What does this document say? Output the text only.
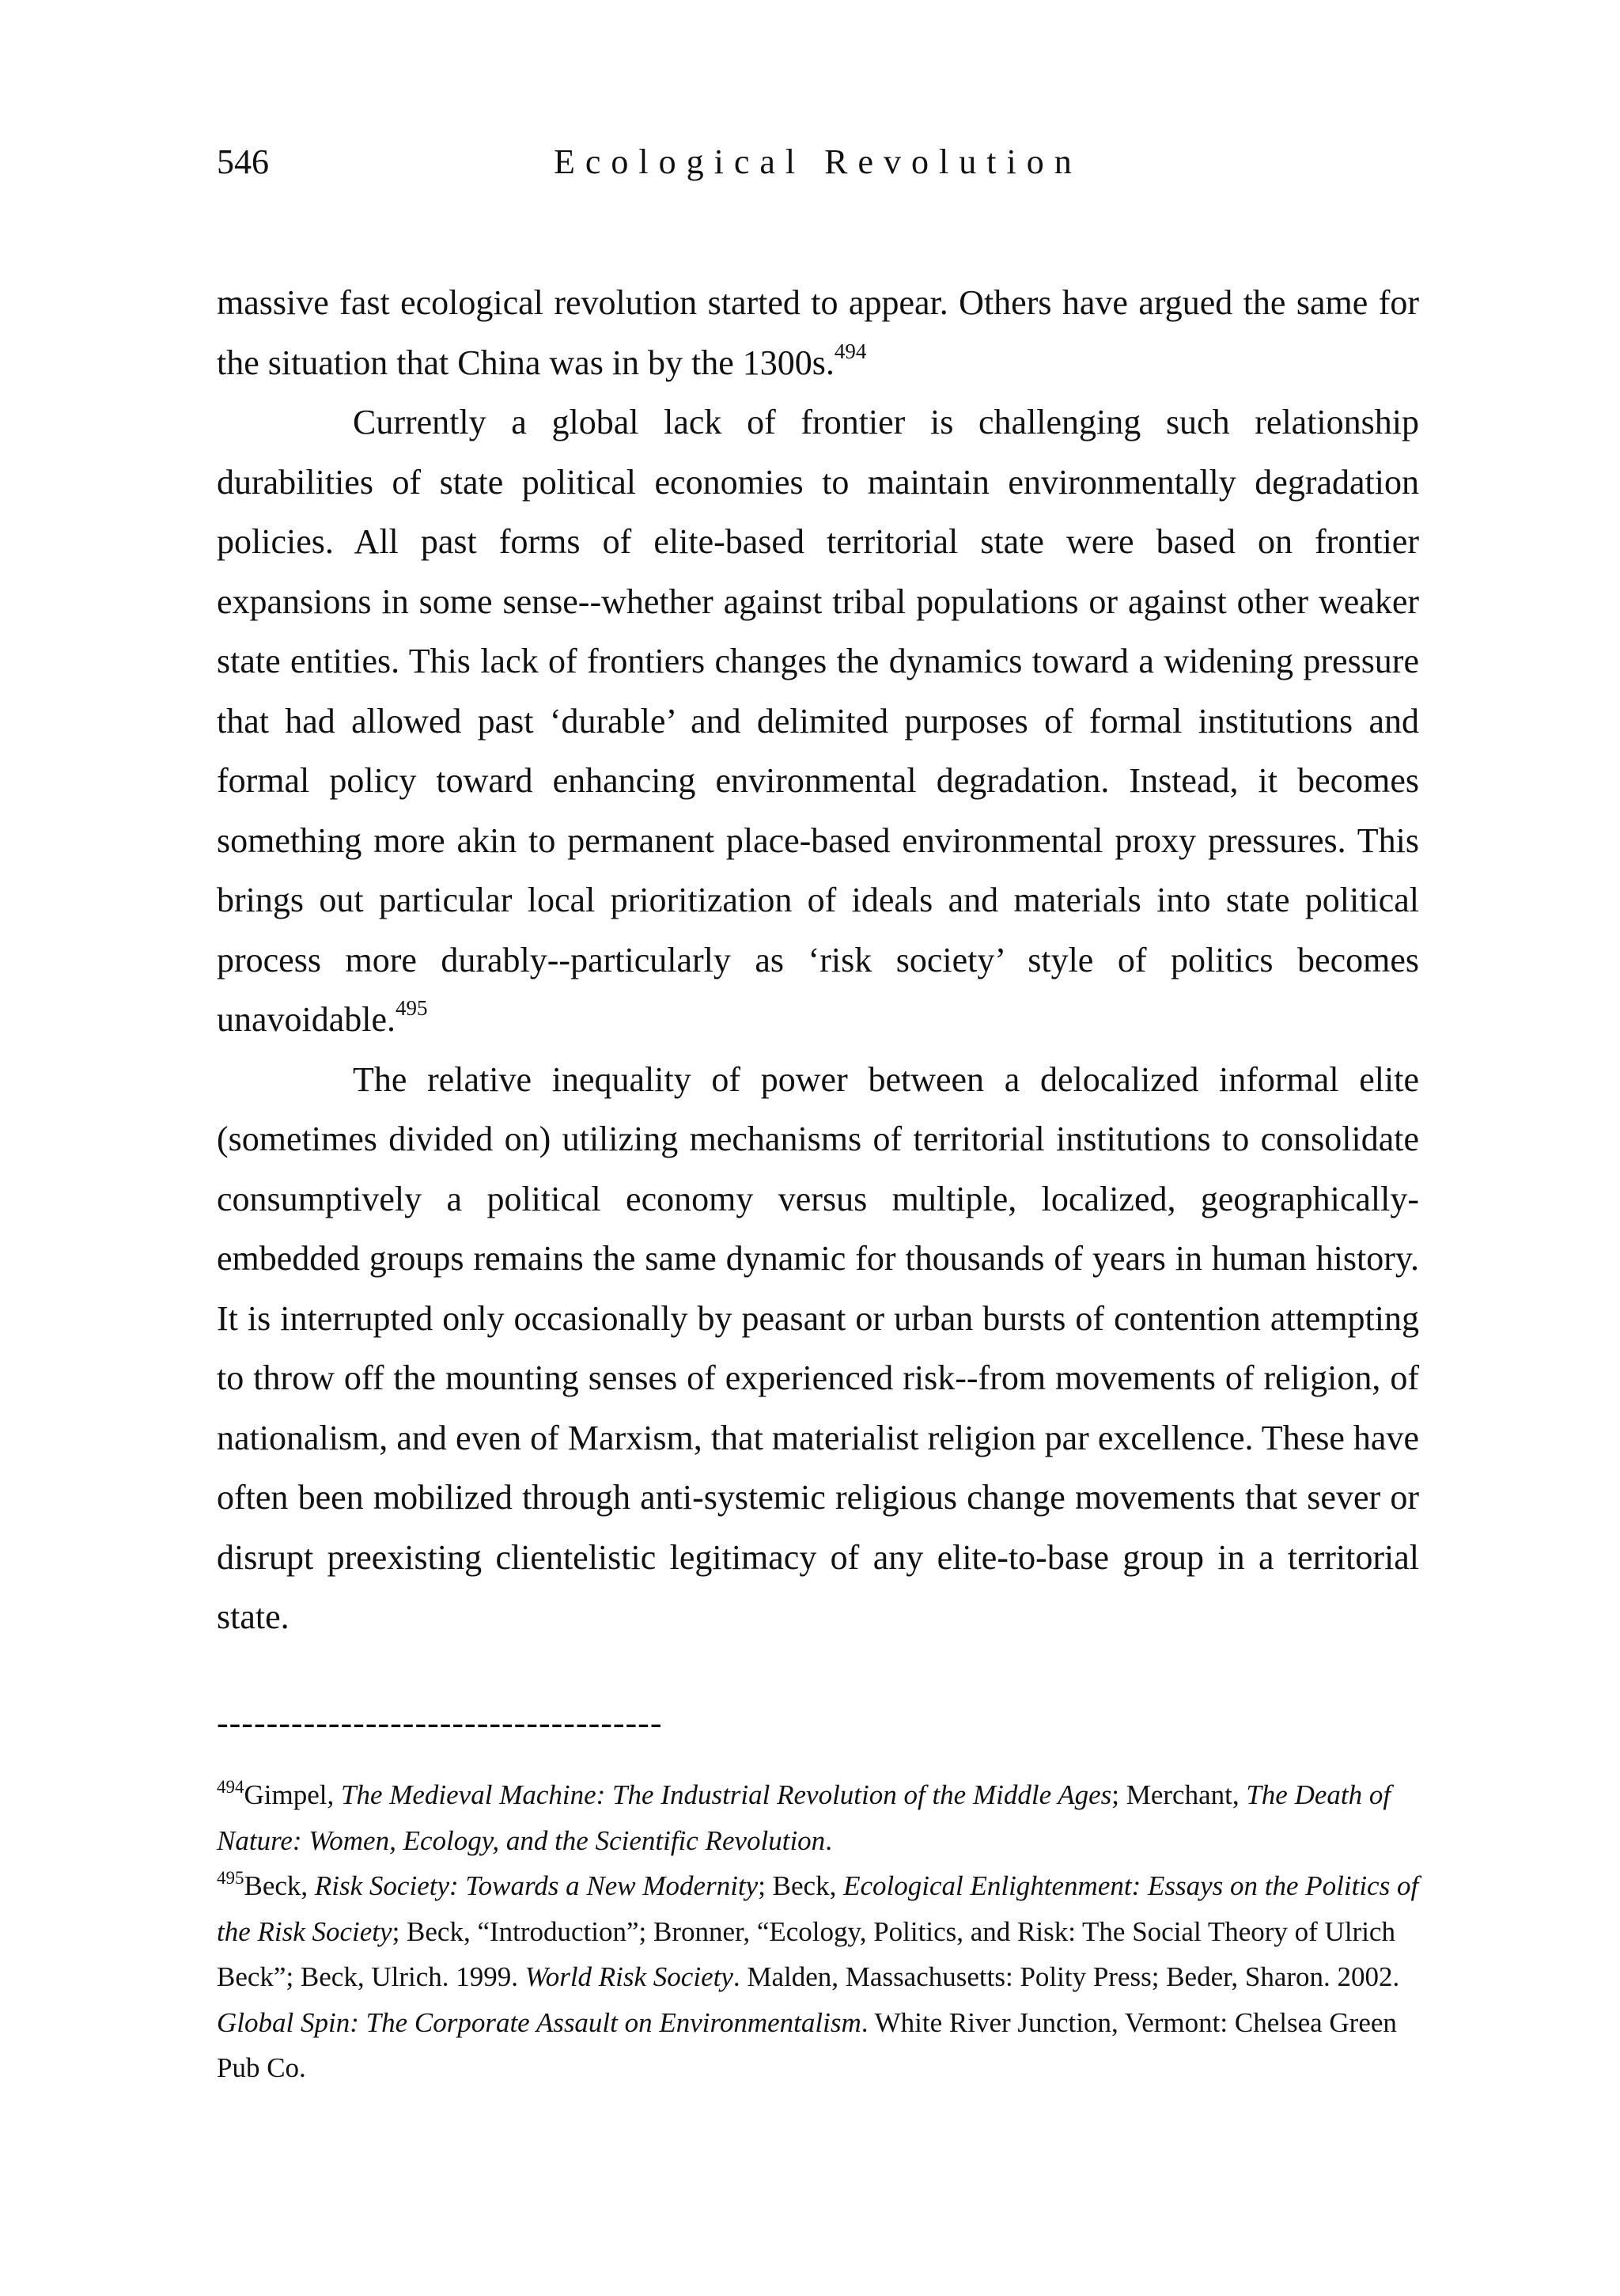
546	Ecological Revolution

massive fast ecological revolution started to appear. Others have argued the same for the situation that China was in by the 1300s.$^{494}$

Currently a global lack of frontier is challenging such relationship durabilities of state political economies to maintain environmentally degradation policies. All past forms of elite-based territorial state were based on frontier expansions in some sense--whether against tribal populations or against other weaker state entities. This lack of frontiers changes the dynamics toward a widening pressure that had allowed past ‘durable’ and delimited purposes of formal institutions and formal policy toward enhancing environmental degradation. Instead, it becomes something more akin to permanent place-based environmental proxy pressures. This brings out particular local prioritization of ideals and materials into state political process more durably--particularly as ‘risk society’ style of politics becomes unavoidable.$^{495}$

The relative inequality of power between a delocalized informal elite (sometimes divided on) utilizing mechanisms of territorial institutions to consolidate consumptively a political economy versus multiple, localized, geographically-embedded groups remains the same dynamic for thousands of years in human history. It is interrupted only occasionally by peasant or urban bursts of contention attempting to throw off the mounting senses of experienced risk--from movements of religion, of nationalism, and even of Marxism, that materialist religion par excellence. These have often been mobilized through anti-systemic religious change movements that sever or disrupt preexisting clientelistic legitimacy of any elite-to-base group in a territorial state.

------------------------------------

$^{494}$Gimpel, The Medieval Machine: The Industrial Revolution of the Middle Ages; Merchant, The Death of Nature: Women, Ecology, and the Scientific Revolution.

$^{495}$Beck, Risk Society: Towards a New Modernity; Beck, Ecological Enlightenment: Essays on the Politics of the Risk Society; Beck, “Introduction”; Bronner, “Ecology, Politics, and Risk: The Social Theory of Ulrich Beck”; Beck, Ulrich. 1999. World Risk Society. Malden, Massachusetts: Polity Press; Beder, Sharon. 2002. Global Spin: The Corporate Assault on Environmentalism. White River Junction, Vermont: Chelsea Green Pub Co.
